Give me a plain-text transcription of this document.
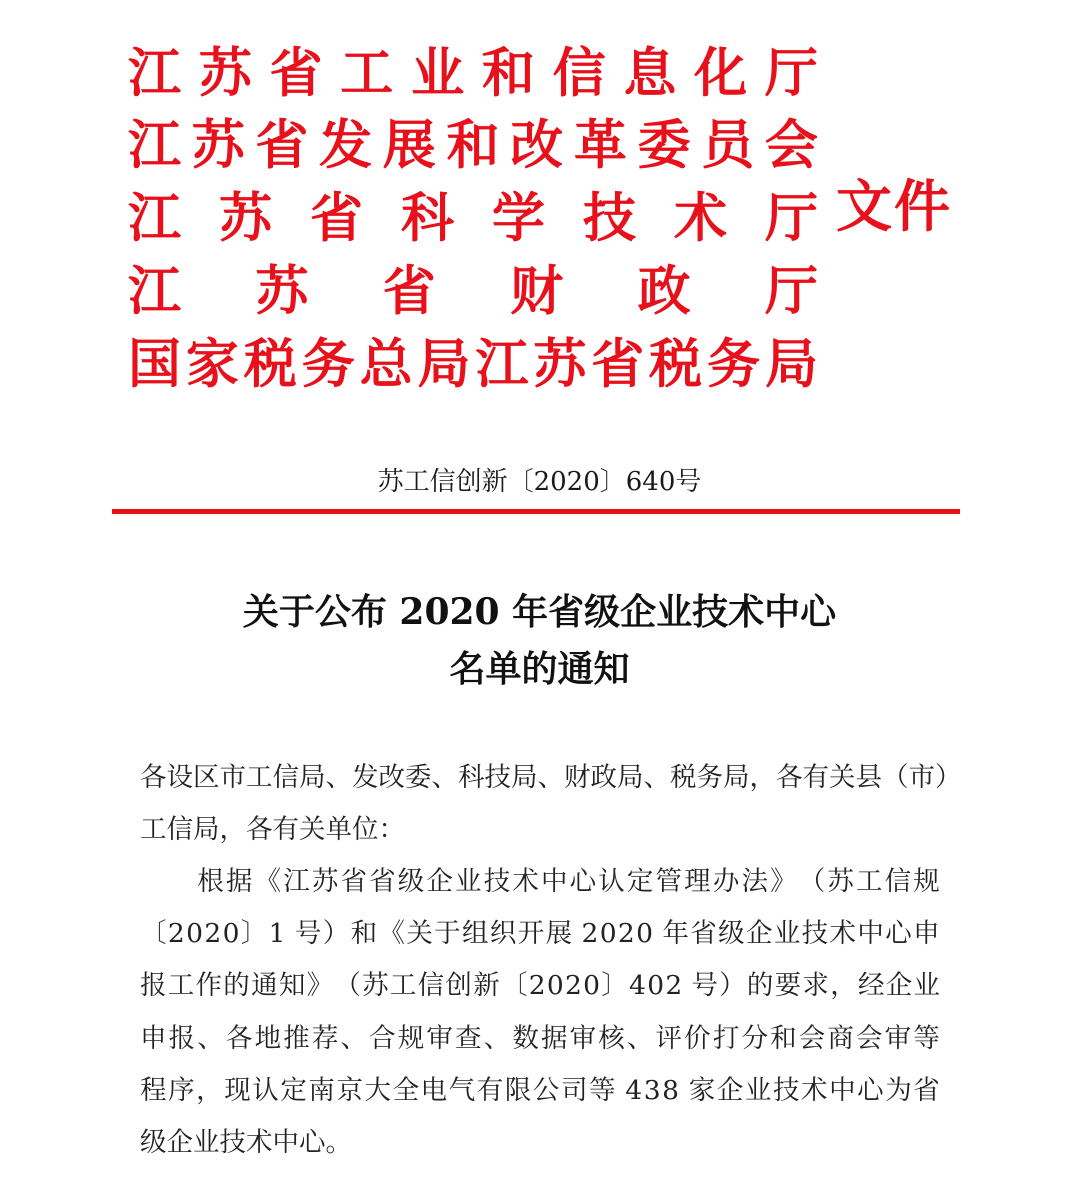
江 苏 省 工 业 和 信 息 化 厅
江 苏 省 发 展 和 改 革 委 员 会
江 苏 省 科 学 技 术 厅
江 苏 省 财 政 厅
国 家 税 务 总 局 江 苏 省 税 务 局
文件
苏工信创新〔2020〕640号
关于公布 2020 年省级企业技术中心
名单的通知
各 设 区 市 工 信 局 、 发 改 委 、 科 技 局 、 财 政 局 、 税 务 局 ， 各 有 关 县 （ 市 ）
工信局，各有关单位：

根 据 《 江 苏 省 省 级 企 业 技 术 中 心 认 定 管 理 办 法 》 （ 苏 工 信 规
〔 2 0 2 0 〕 1
号 ） 和 《 关 于 组 织 开 展
2 0 2 0
年 省 级 企 业 技 术 中 心 申
报 工 作 的 通 知 》 （ 苏 工 信 创 新 〔 2 0 2 0 〕 4 0 2
号 ） 的 要 求 ， 经 企 业
申 报 、 各 地 推 荐 、 合 规 审 查 、 数 据 审 核 、 评 价 打 分 和 会 商 会 审 等
程 序 ， 现 认 定 南 京 大 全 电 气 有 限 公 司 等
4 3 8
家 企 业 技 术 中 心 为 省
级企业技术中心。
